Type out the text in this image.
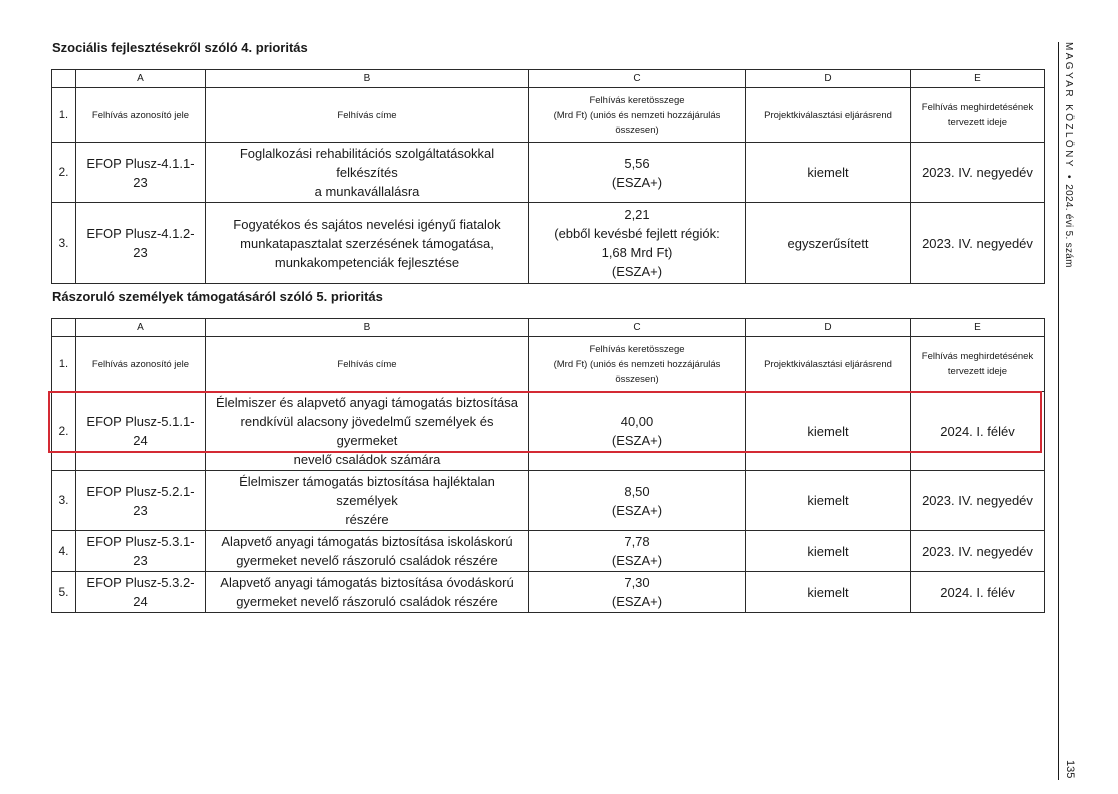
Szociális fejlesztésekről szóló 4. prioritás
	A	B	C	D	E
1.	Felhívás azonosító jele	Felhívás címe	Felhívás keretösszege
(Mrd Ft) (uniós és nemzeti hozzájárulás
összesen)	Projektkiválasztási eljárásrend	Felhívás meghirdetésének
tervezett ideje
2.	EFOP Plusz-4.1.1-23	Foglalkozási rehabilitációs szolgáltatásokkal felkészítés
a munkavállalásra	5,56
(ESZA+)	kiemelt	2023. IV. negyedév
3.	EFOP Plusz-4.1.2-23	Fogyatékos és sajátos nevelési igényű fiatalok
munkatapasztalat szerzésének támogatása,
munkakompetenciák fejlesztése	2,21
(ebből kevésbé fejlett régiók:
1,68 Mrd Ft)
(ESZA+)	egyszerűsített	2023. IV. negyedév
Rászoruló személyek támogatásáról szóló 5. prioritás
	A	B	C	D	E
1.	Felhívás azonosító jele	Felhívás címe	Felhívás keretösszege
(Mrd Ft) (uniós és nemzeti hozzájárulás
összesen)	Projektkiválasztási eljárásrend	Felhívás meghirdetésének
tervezett ideje
2.	EFOP Plusz-5.1.1-24	Élelmiszer és alapvető anyagi támogatás biztosítása
rendkívül alacsony jövedelmű személyek és gyermeket
nevelő családok számára	40,00
(ESZA+)	kiemelt	2024. I. félév
3.	EFOP Plusz-5.2.1-23	Élelmiszer támogatás biztosítása hajléktalan személyek
részére	8,50
(ESZA+)	kiemelt	2023. IV. negyedév
4.	EFOP Plusz-5.3.1-23	Alapvető anyagi támogatás biztosítása iskoláskorú
gyermeket nevelő rászoruló családok részére	7,78
(ESZA+)	kiemelt	2023. IV. negyedév
5.	EFOP Plusz-5.3.2-24	Alapvető anyagi támogatás biztosítása óvodáskorú
gyermeket nevelő rászoruló családok részére	7,30
(ESZA+)	kiemelt	2024. I. félév
MAGYAR KÖZLÖNY•2024. évi 5. szám
135
